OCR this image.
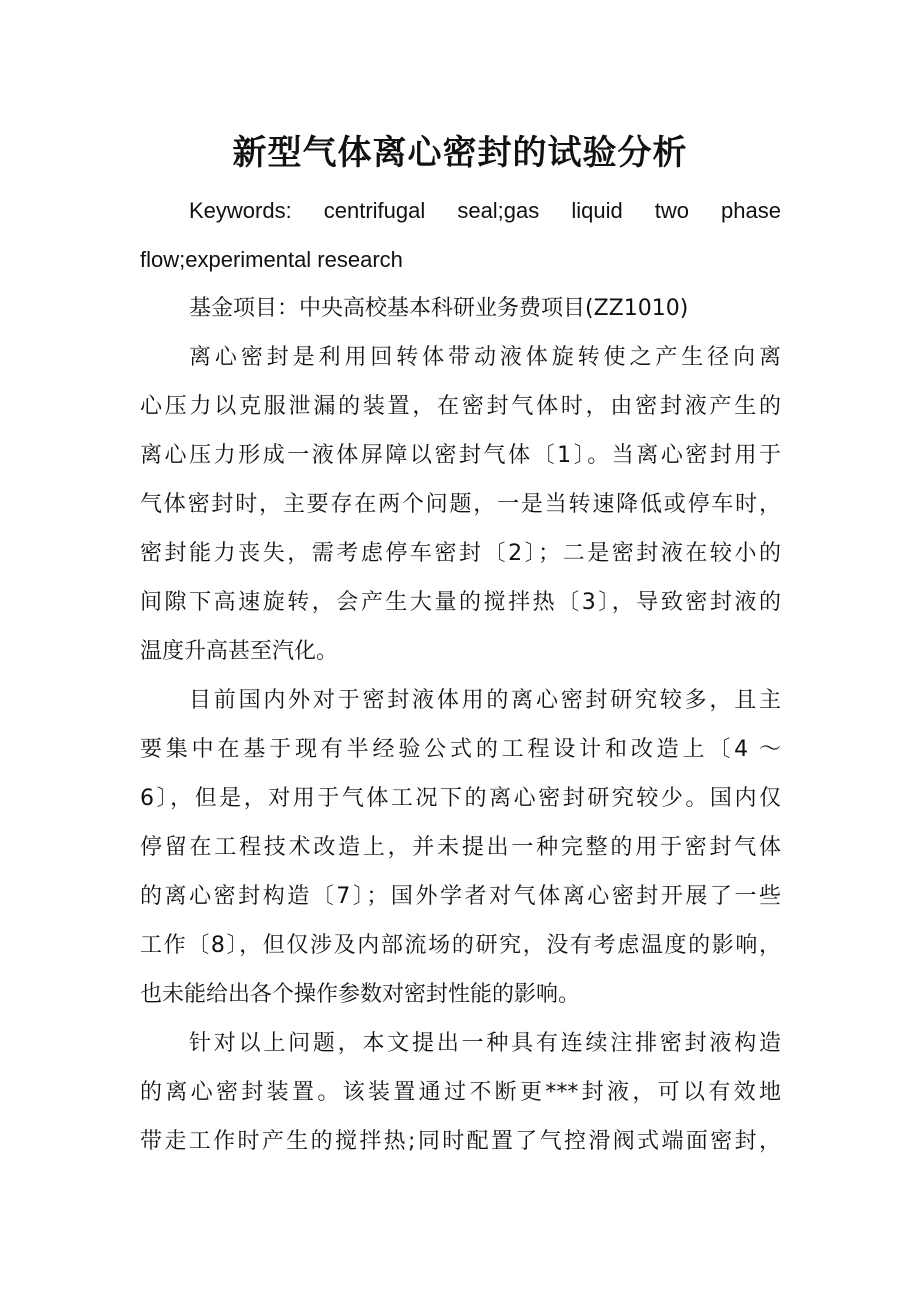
新型气体离心密封的试验分析
Keywords: centrifugal seal;gas liquid two phase
flow;experimental research
基金项目：中央高校基本科研业务费项目(ZZ1010)
离心密封是利用回转体带动液体旋转使之产生径向离
心压力以克服泄漏的装置，在密封气体时，由密封液产生的
离心压力形成一液体屏障以密封气体〔1〕。当离心密封用于
气体密封时，主要存在两个问题，一是当转速降低或停车时，
密封能力丧失，需考虑停车密封〔2〕；二是密封液在较小的
间隙下高速旋转，会产生大量的搅拌热〔3〕，导致密封液的
温度升高甚至汽化。
目前国内外对于密封液体用的离心密封研究较多，且主
要集中在基于现有半经验公式的工程设计和改造上〔4 ～
6〕，但是，对用于气体工况下的离心密封研究较少。国内仅
停留在工程技术改造上，并未提出一种完整的用于密封气体
的离心密封构造〔7〕；国外学者对气体离心密封开展了一些
工作〔8〕，但仅涉及内部流场的研究，没有考虑温度的影响，
也未能给出各个操作参数对密封性能的影响。
针对以上问题，本文提出一种具有连续注排密封液构造
的离心密封装置。该装置通过不断更***封液，可以有效地
带走工作时产生的搅拌热;同时配置了气控滑阀式端面密封，
